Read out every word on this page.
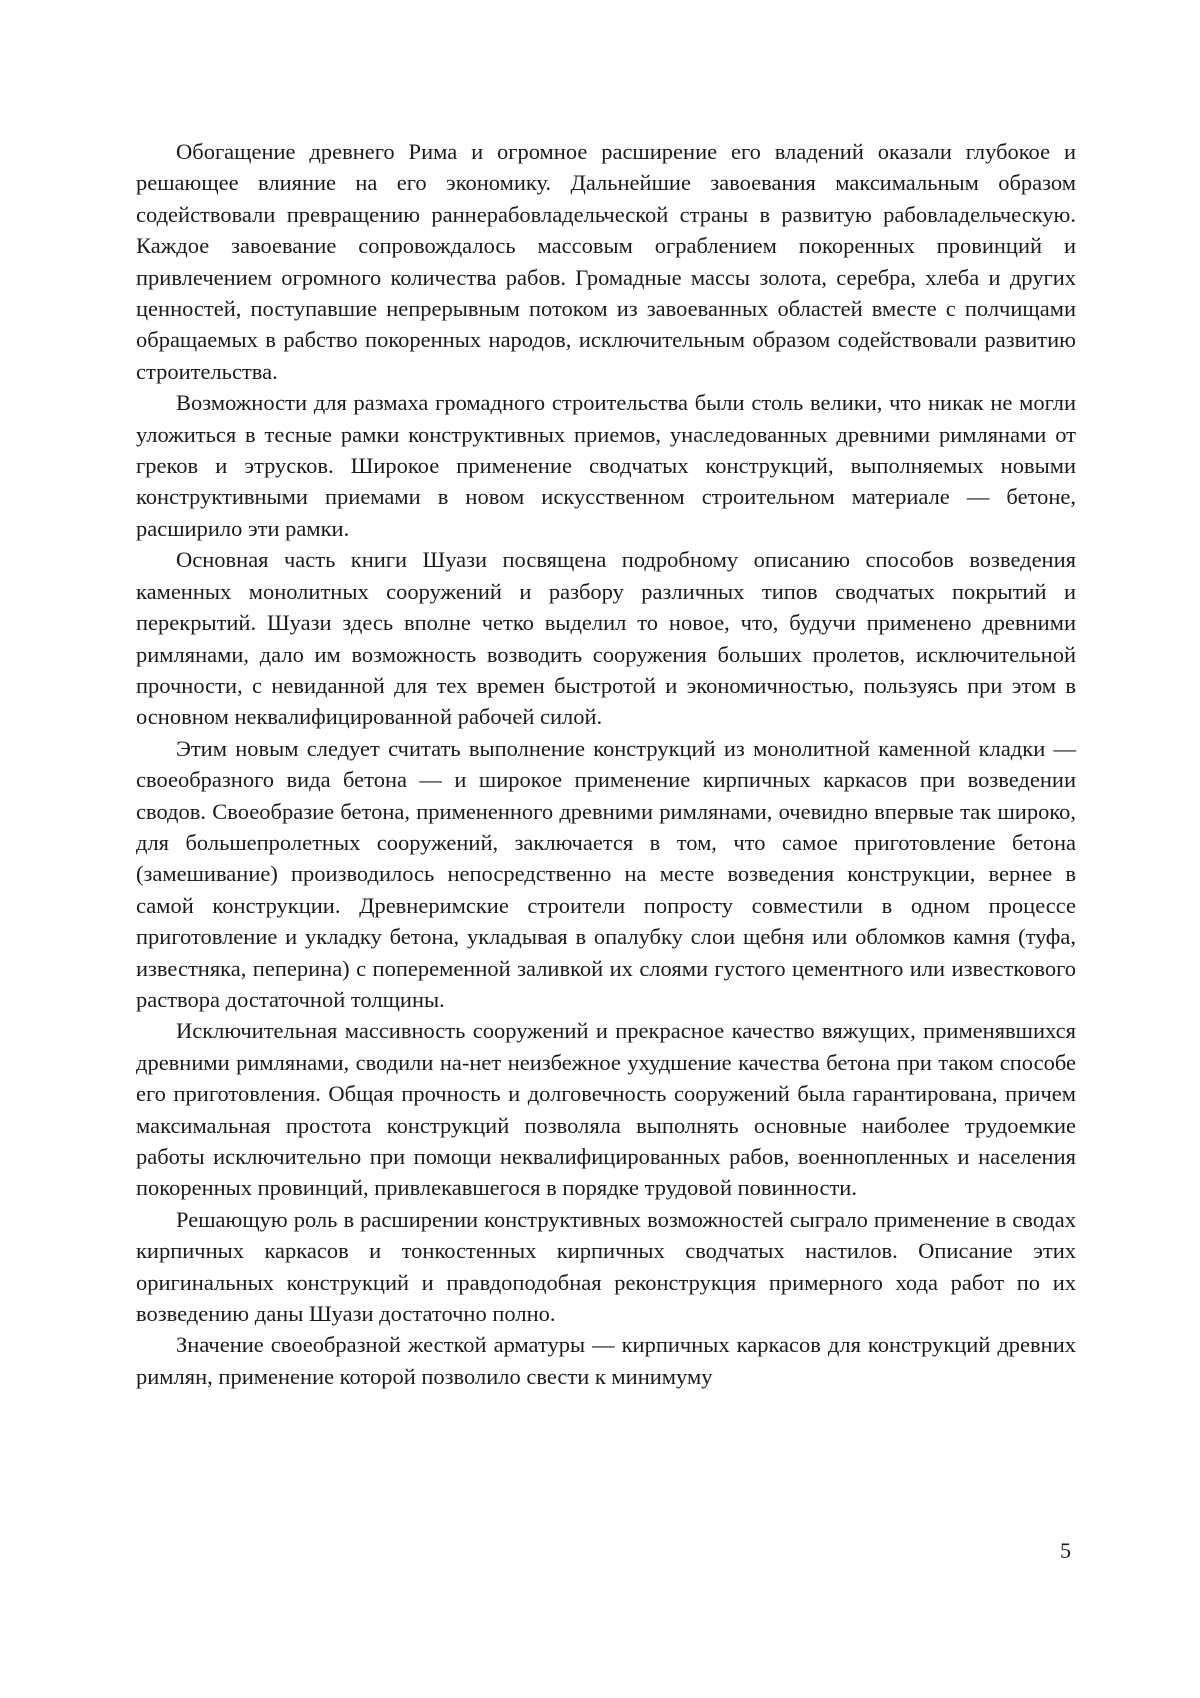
Обогащение древнего Рима и огромное расширение его владений оказали глубокое и решающее влияние на его экономику. Дальнейшие завоевания максимальным образом содействовали превращению раннерабовладельческой страны в развитую рабовладельческую. Каждое завоевание сопровождалось массовым ограблением покоренных провинций и привлечением огромного количества рабов. Громадные массы золота, серебра, хлеба и других ценностей, поступавшие непрерывным потоком из завоеванных областей вместе с полчищами обращаемых в рабство покоренных народов, исключительным образом содействовали развитию строительства.

Возможности для размаха громадного строительства были столь велики, что никак не могли уложиться в тесные рамки конструктивных приемов, унаследованных древними римлянами от греков и этрусков. Широкое применение сводчатых конструкций, выполняемых новыми конструктивными приемами в новом искусственном строительном материале — бетоне, расширило эти рамки.

Основная часть книги Шуази посвящена подробному описанию способов возведения каменных монолитных сооружений и разбору различных типов сводчатых покрытий и перекрытий. Шуази здесь вполне четко выделил то новое, что, будучи применено древними римлянами, дало им возможность возводить сооружения больших пролетов, исключительной прочности, с невиданной для тех времен быстротой и экономичностью, пользуясь при этом в основном неквалифицированной рабочей силой.

Этим новым следует считать выполнение конструкций из монолитной каменной кладки — своеобразного вида бетона — и широкое применение кирпичных каркасов при возведении сводов. Своеобразие бетона, примененного древними римлянами, очевидно впервые так широко, для большепролетных сооружений, заключается в том, что самое приготовление бетона (замешивание) производилось непосредственно на месте возведения конструкции, вернее в самой конструкции. Древнеримские строители попросту совместили в одном процессе приготовление и укладку бетона, укладывая в опалубку слои щебня или обломков камня (туфа, известняка, пеперина) с попеременной заливкой их слоями густого цементного или известкового раствора достаточной толщины.

Исключительная массивность сооружений и прекрасное качество вяжущих, применявшихся древними римлянами, сводили на-нет неизбежное ухудшение качества бетона при таком способе его приготовления. Общая прочность и долговечность сооружений была гарантирована, причем максимальная простота конструкций позволяла выполнять основные наиболее трудоемкие работы исключительно при помощи неквалифицированных рабов, военнопленных и населения покоренных провинций, привлекавшегося в порядке трудовой повинности.

Решающую роль в расширении конструктивных возможностей сыграло применение в сводах кирпичных каркасов и тонкостенных кирпичных сводчатых настилов. Описание этих оригинальных конструкций и правдоподобная реконструкция примерного хода работ по их возведению даны Шуази достаточно полно.

Значение своеобразной жесткой арматуры — кирпичных каркасов для конструкций древних римлян, применение которой позволило свести к минимуму

5
